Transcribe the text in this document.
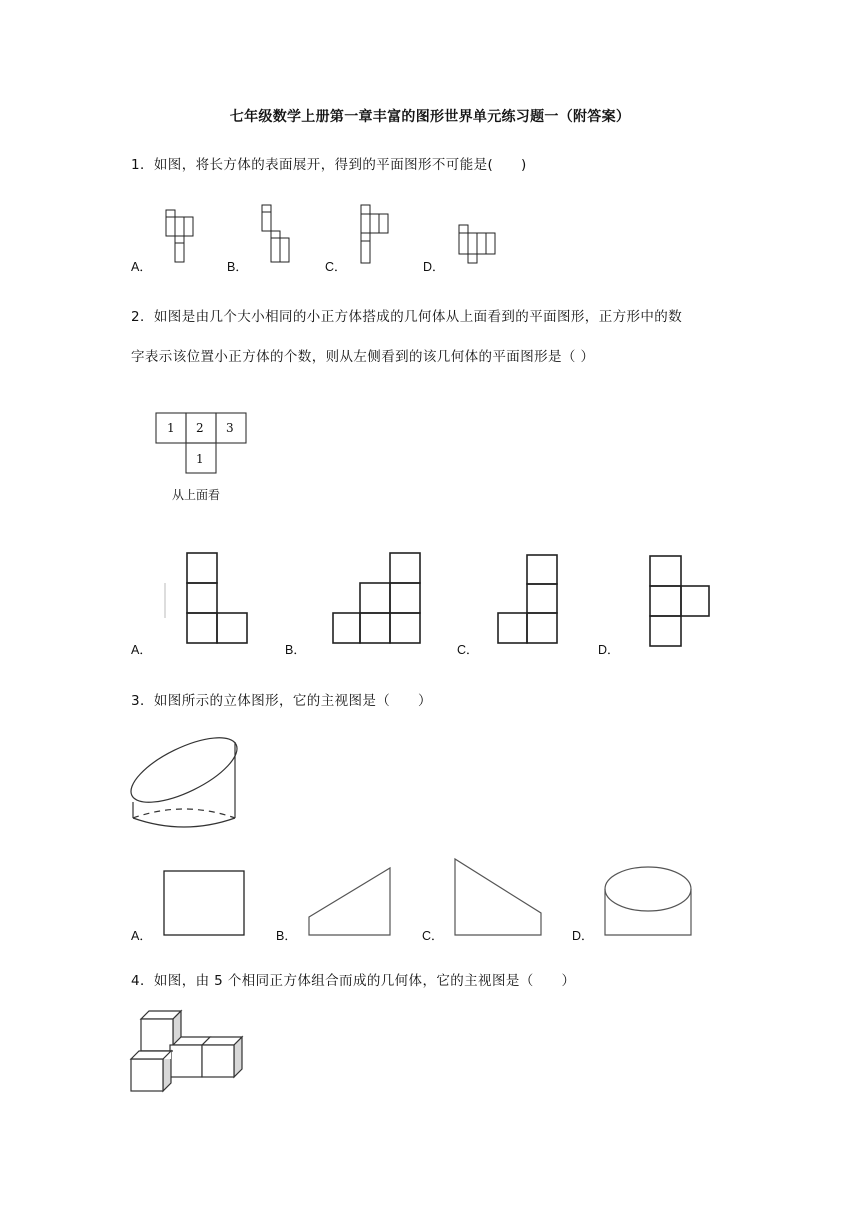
七年级数学上册第一章丰富的图形世界单元练习题一（附答案）
1．如图，将长方体的表面展开，得到的平面图形不可能是(　　)
A．	B．	C．	D．
2．如图是由几个大小相同的小正方体搭成的几何体从上面看到的平面图形，正方形中的数
字表示该位置小正方体的个数，则从左侧看到的该几何体的平面图形是（ ）
1 2 3
1
从上面看
A．	B．	C．	D．
3．如图所示的立体图形，它的主视图是（　　）
A．	B．	C．	D．
4．如图，由 5 个相同正方体组合而成的几何体，它的主视图是（　　）
